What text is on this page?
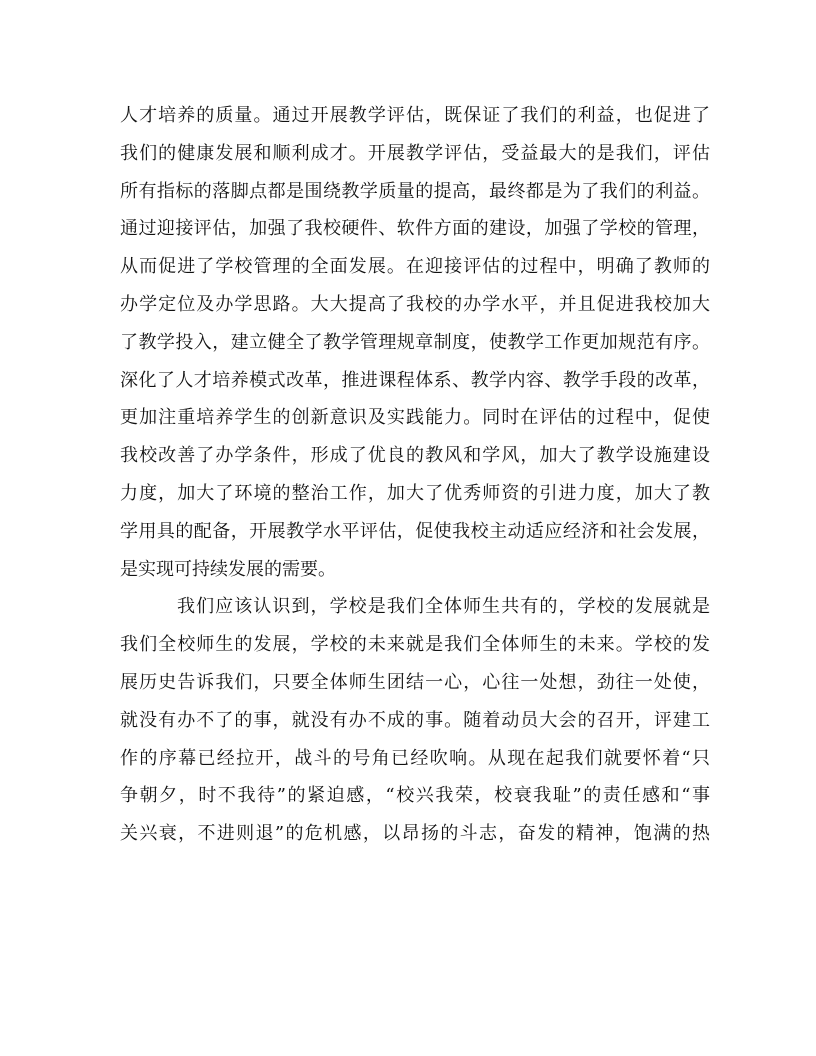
人才培养的质量。通过开展教学评估，既保证了我们的利益，也促进了
我们的健康发展和顺利成才。开展教学评估，受益最大的是我们，评估
所有指标的落脚点都是围绕教学质量的提高，最终都是为了我们的利益。
通过迎接评估，加强了我校硬件、软件方面的建设，加强了学校的管理，
从而促进了学校管理的全面发展。在迎接评估的过程中，明确了教师的
办学定位及办学思路。大大提高了我校的办学水平，并且促进我校加大
了教学投入，建立健全了教学管理规章制度，使教学工作更加规范有序。
深化了人才培养模式改革，推进课程体系、教学内容、教学手段的改革，
更加注重培养学生的创新意识及实践能力。同时在评估的过程中，促使
我校改善了办学条件，形成了优良的教风和学风，加大了教学设施建设
力度，加大了环境的整治工作，加大了优秀师资的引进力度，加大了教
学用具的配备，开展教学水平评估，促使我校主动适应经济和社会发展，
是实现可持续发展的需要。
我们应该认识到，学校是我们全体师生共有的，学校的发展就是
我们全校师生的发展，学校的未来就是我们全体师生的未来。学校的发
展历史告诉我们，只要全体师生团结一心，心往一处想，劲往一处使，
就没有办不了的事，就没有办不成的事。随着动员大会的召开，评建工
作的序幕已经拉开，战斗的号角已经吹响。从现在起我们就要怀着“只
争朝夕，时不我待”的紧迫感，“校兴我荣，校衰我耻”的责任感和“事
关兴衰，不进则退”的危机感，以昂扬的斗志，奋发的精神，饱满的热
